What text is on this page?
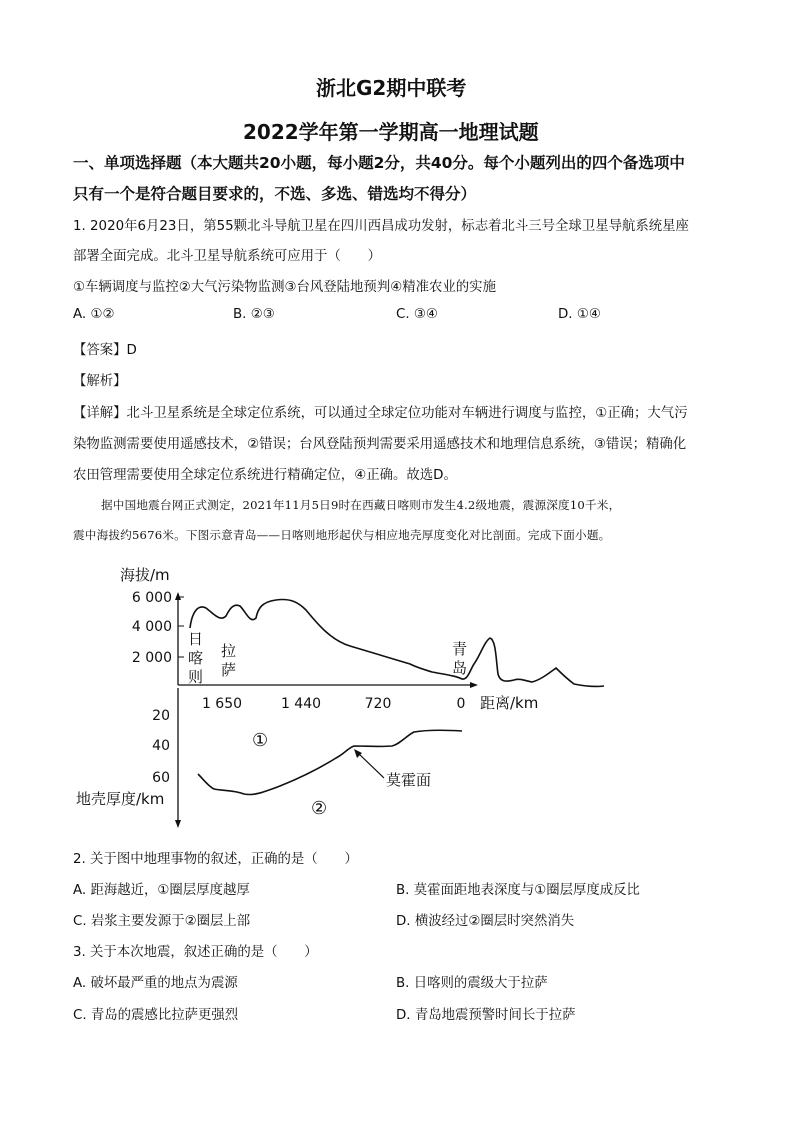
浙北G2期中联考
2022学年第一学期高一地理试题
一、单项选择题（本大题共20小题，每小题2分，共40分。每个小题列出的四个备选项中
只有一个是符合题目要求的，不选、多选、错选均不得分）
1. 2020年6月23日，第55颗北斗导航卫星在四川西昌成功发射，标志着北斗三号全球卫星导航系统星座
部署全面完成。北斗卫星导航系统可应用于（　　）
①车辆调度与监控②大气污染物监测③台风登陆地预判④精准农业的实施
A. ①②	B. ②③	C. ③④	D. ①④
【答案】D
【解析】
【详解】北斗卫星系统是全球定位系统，可以通过全球定位功能对车辆进行调度与监控，①正确；大气污
染物监测需要使用遥感技术，②错误；台风登陆预判需要采用遥感技术和地理信息系统，③错误；精确化
农田管理需要使用全球定位系统进行精确定位，④正确。故选D。
据中国地震台网正式测定，2021年11月5日9时在西藏日喀则市发生4.2级地震，震源深度10千米，
震中海拔约5676米。下图示意青岛——日喀则地形起伏与相应地壳厚度变化对比剖面。完成下面小题。
海拔/m
6 000
4 000
2 000
日
喀
则
拉
萨
青
岛
1 650	1 440	720	0 距离/km
20
40
60
地壳厚度/km
莫霍面
①
②
2. 关于图中地理事物的叙述，正确的是（　　）
A. 距海越近，①圈层厚度越厚	B. 莫霍面距地表深度与①圈层厚度成反比
C. 岩浆主要发源于②圈层上部	D. 横波经过②圈层时突然消失
3. 关于本次地震，叙述正确的是（　　）
A. 破坏最严重的地点为震源	B. 日喀则的震级大于拉萨
C. 青岛的震感比拉萨更强烈	D. 青岛地震预警时间长于拉萨
